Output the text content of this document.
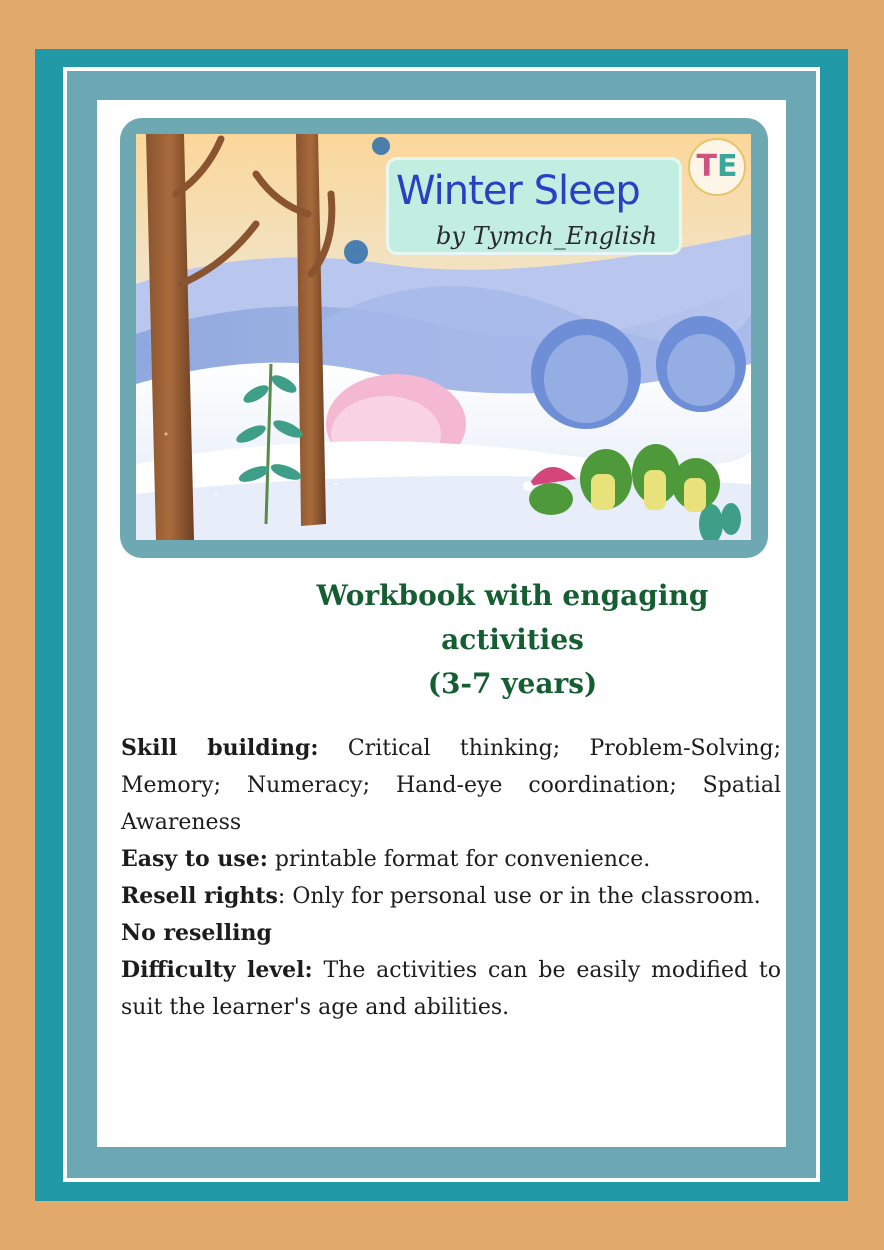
Winter Sleep
by Tymch_English
TE
Workbook with engaging
activities
(3-7 years)

Skill building: Critical thinking; Problem-Solving; Memory; Numeracy; Hand-eye coordination; Spatial Awareness

Easy to use: printable format for convenience.

Resell rights: Only for personal use or in the classroom.

No reselling

Difficulty level: The activities can be easily modified to suit the learner's age and abilities.
